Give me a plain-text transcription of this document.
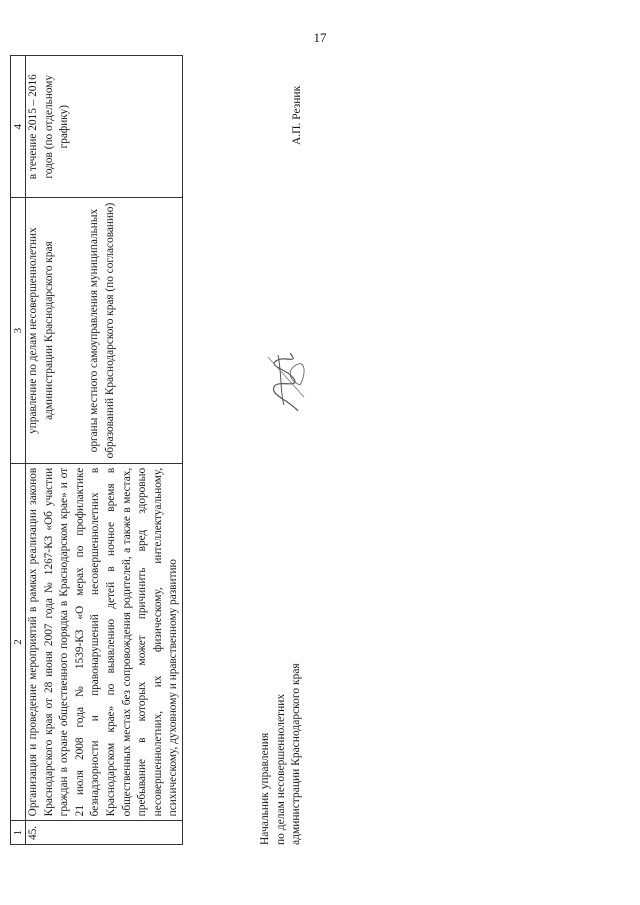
17
1	2	3	4
45.	Организация и проведение мероприятий в рамках реализации законов Краснодарского края от 28 июня 2007 года № 1267-КЗ «Об участии граждан в охране общественного порядка в Краснодарском крае» и от 21 июля 2008 года № 1539-КЗ «О мерах по профилактике безнадзорности и правонарушений несовершеннолетних в Краснодарском крае» по выявлению детей в ночное время в общественных местах без сопровождения родителей, а также в местах, пребывание в которых может причинить вред здоровью несовершеннолетних, их физическому, интеллектуальному, психическому, духовному и нравственному развитию	управление по делам несовершеннолетних администрации Краснодарского края органы местного самоуправления муниципальных образований Краснодарского края (по согласованию)	в течение 2015 – 2016 годов (по отдельному графику)
Начальник управления по делам несовершеннолетних администрации Краснодарского края
А.П. Резник
